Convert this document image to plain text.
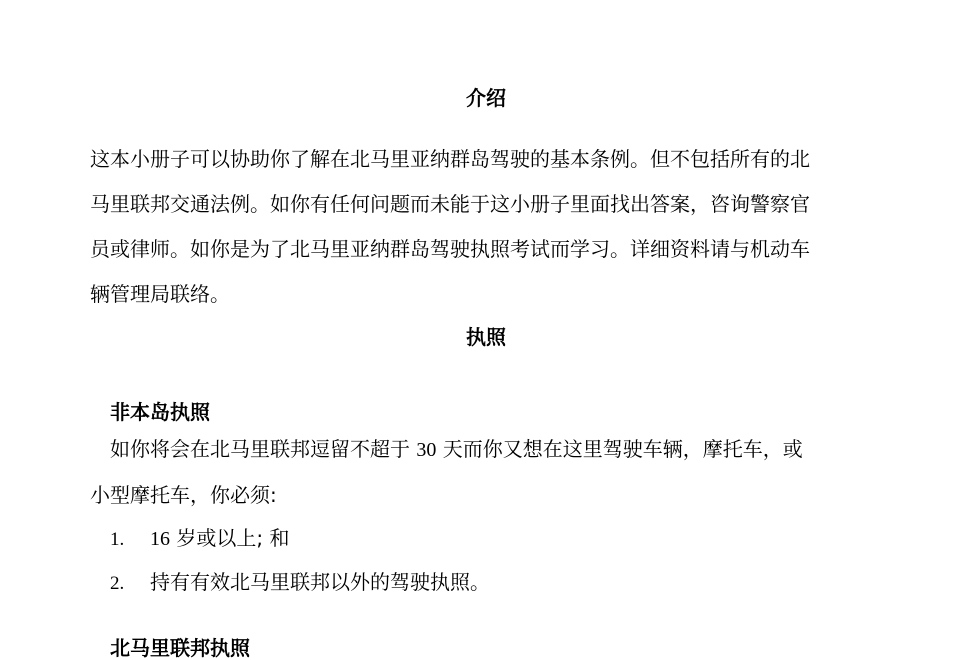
介绍
这本小册子可以协助你了解在北马里亚纳群岛驾驶的基本条例。但不包括所有的北
马里联邦交通法例。如你有任何问题而未能于这小册子里面找出答案，咨询警察官
员或律师。如你是为了北马里亚纳群岛驾驶执照考试而学习。详细资料请与机动车
辆管理局联络。
执照
非本岛执照
如你将会在北马里联邦逗留不超于 30 天而你又想在这里驾驶车辆，摩托车，或
小型摩托车，你必须:
1. 16 岁或以上; 和
2. 持有有效北马里联邦以外的驾驶执照。
北马里联邦执照
